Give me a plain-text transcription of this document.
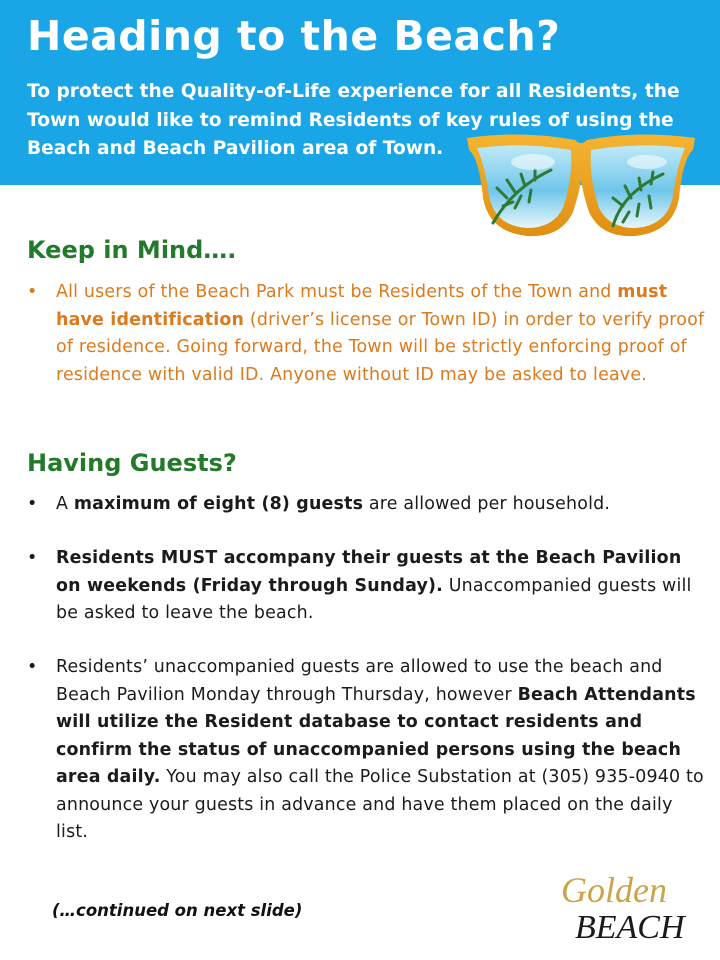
Heading to the Beach?

To protect the Quality-of-Life experience for all Residents, the Town would like to remind Residents of key rules of using the Beach and Beach Pavilion area of Town.

Keep in Mind….
• All users of the Beach Park must be Residents of the Town and must have identification (driver’s license or Town ID) in order to verify proof of residence. Going forward, the Town will be strictly enforcing proof of residence with valid ID. Anyone without ID may be asked to leave.
Having Guests?
• A maximum of eight (8) guests are allowed per household.
• Residents MUST accompany their guests at the Beach Pavilion on weekends (Friday through Sunday). Unaccompanied guests will be asked to leave the beach.
• Residents’ unaccompanied guests are allowed to use the beach and Beach Pavilion Monday through Thursday, however Beach Attendants will utilize the Resident database to contact residents and confirm the status of unaccompanied persons using the beach area daily. You may also call the Police Substation at (305) 935-0940 to announce your guests in advance and have them placed on the daily list.

(…continued on next slide)

Golden
BEACH
